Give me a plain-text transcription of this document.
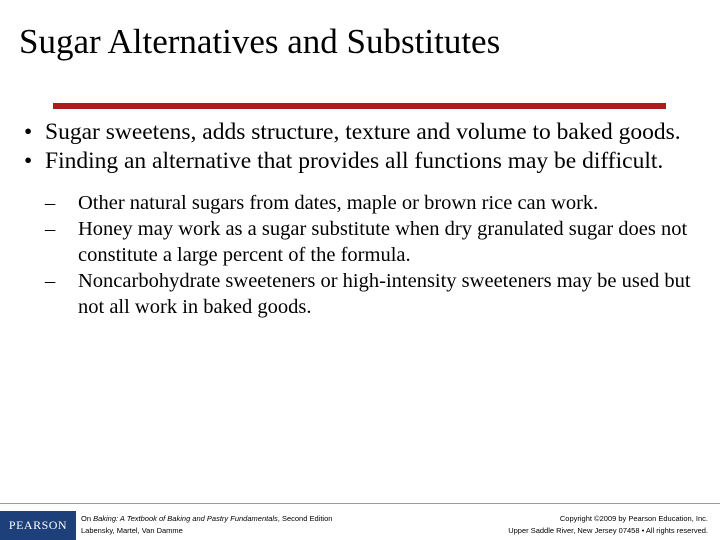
Sugar Alternatives and Substitutes
• Sugar sweetens, adds structure, texture and volume to baked goods.
• Finding an alternative that provides all functions may be difficult.
– Other natural sugars from dates, maple or brown rice can work.
– Honey may work as a sugar substitute when dry granulated sugar does not constitute a large percent of the formula.
– Noncarbohydrate sweeteners or high-intensity sweeteners may be used but not all work in baked goods.
PEARSON	On Baking: A Textbook of Baking and Pastry Fundamentals, Second Edition
Labensky, Martel, Van Damme
Copyright ©2009 by Pearson Education, Inc.
Upper Saddle River, New Jersey 07458 • All rights reserved.
